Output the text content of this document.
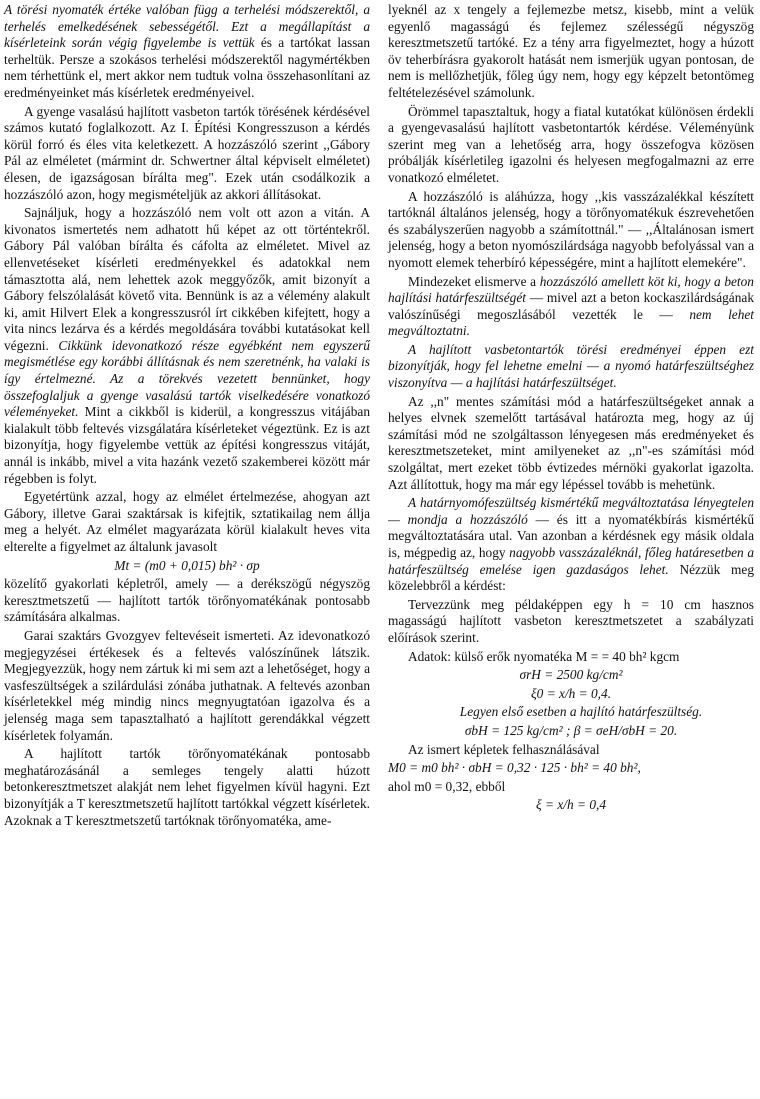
A törési nyomaték értéke valóban függ a terhelési módszerektől, a terhelés emelkedésének sebességétől. Ezt a megállapítást a kísérleteink során végig figyelembe is vettük és a tartókat lassan terheltük. Persze a szokásos terhelési módszerektől nagymértékben nem térhettünk el, mert akkor nem tudtuk volna összehasonlítani az eredményeinket más kísérletek eredményeivel.

A gyenge vasalású hajlított vasbeton tartók törésének kérdésével számos kutató foglalkozott. Az I. Építési Kongresszuson a kérdés körül forró és éles vita keletkezett. A hozzászóló szerint ,,Gábory Pál az elméletet (mármint dr. Schwertner által képviselt elméletet) élesen, de igazságosan bírálta meg". Ezek után csodálkozik a hozzászóló azon, hogy megismételjük az akkori állításokat.

Sajnáljuk, hogy a hozzászóló nem volt ott azon a vitán. A kivonatos ismertetés nem adhatott hű képet az ott történtekről. Gábory Pál valóban bírálta és cáfolta az elméletet. Mivel az ellenvetéseket kísérleti eredményekkel és adatokkal nem támasztotta alá, nem lehettek azok meggyőzők, amit bizonyít a Gábory felszólalását követő vita. Bennünk is az a vélemény alakult ki, amit Hilvert Elek a kongresszusról írt cikkében kifejtett, hogy a vita nincs lezárva és a kérdés megoldására további kutatásokat kell végezni. Cikkünk idevonatkozó része egyébként nem egyszerű megismétlése egy korábbi állításnak és nem szeretnénk, ha valaki is így értelmezné. Az a törekvés vezetett bennünket, hogy összefoglaljuk a gyenge vasalású tartók viselkedésére vonatkozó véleményeket. Mint a cikkből is kiderül, a kongresszus vitájában kialakult több feltevés vizsgálatára kísérleteket végeztünk. Ez is azt bizonyítja, hogy figyelembe vettük az építési kongresszus vitáját, annál is inkább, mivel a vita hazánk vezető szakemberei között már régebben is folyt.

Egyetértünk azzal, hogy az elmélet értelmezése, ahogyan azt Gábory, illetve Garai szaktársak is kifejtik, sztatikailag nem állja meg a helyét. Az elmélet magyarázata körül kialakult heves vita elterelte a figyelmet az általunk javasolt

Mt = (m0 + 0,015) bh² · σp

közelítő gyakorlati képletről, amely — a derékszögű négyszög keresztmetszetű — hajlított tartók törőnyomatékának pontosabb számítására alkalmas.

Garai szaktárs Gvozgyev feltevéseit ismerteti. Az idevonatkozó megjegyzései értékesek és a feltevés valószínűnek látszik. Megjegyezzük, hogy nem zártuk ki mi sem azt a lehetőséget, hogy a vasfeszültségek a szilárdulási zónába juthatnak. A feltevés azonban kísérletekkel még mindig nincs megnyugtatóan igazolva és a jelenség maga sem tapasztalható a hajlított gerendákkal végzett kísérletek folyamán.

A hajlított tartók törőnyomatékának pontosabb meghatározásánál a semleges tengely alatti húzott betonkeresztmetszet alakját nem lehet figyelmen kívül hagyni. Ezt bizonyítják a T keresztmetszetű hajlított tartókkal végzett kísérletek. Azoknak a T keresztmetszetű tartóknak törőnyomatéka, ame-

lyeknél az x tengely a fejlemezbe metsz, kisebb, mint a velük egyenlő magasságú és fejlemez szélességű négyszög keresztmetszetű tartóké. Ez a tény arra figyelmeztet, hogy a húzott öv teherbírásra gyakorolt hatását nem ismerjük ugyan pontosan, de nem is mellőzhetjük, főleg úgy nem, hogy egy képzelt betontömeg feltételezésével számolunk.

Örömmel tapasztaltuk, hogy a fiatal kutatókat különösen érdekli a gyengevasalású hajlított vasbetontartók kérdése. Véleményünk szerint meg van a lehetőség arra, hogy összefogva közösen próbálják kísérletileg igazolni és helyesen megfogalmazni az erre vonatkozó elméletet.

A hozzászóló is aláhúzza, hogy ,,kis vasszázalékkal készített tartóknál általános jelenség, hogy a törőnyomatékuk észrevehetően és szabályszerűen nagyobb a számítottnál." — ,,Általánosan ismert jelenség, hogy a beton nyomószilárdsága nagyobb befolyással van a nyomott elemek teherbíró képességére, mint a hajlított elemekére".

Mindezeket elismerve a hozzászóló amellett köt ki, hogy a beton hajlítási határfeszültségét — mivel azt a beton kockaszilárdságának valószínűségi megoszlásából vezették le — nem lehet megváltoztatni.

A hajlított vasbetontartók törési eredményei éppen ezt bizonyítják, hogy fel lehetne emelni — a nyomó határfeszültséghez viszonyítva — a hajlítási határfeszültséget.

Az ,,n" mentes számítási mód a határfeszültségeket annak a helyes elvnek szemelőtt tartásával határozta meg, hogy az új számítási mód ne szolgáltasson lényegesen más eredményeket és keresztmetszeteket, mint amilyeneket az ,,n"-es számítási mód szolgáltat, mert ezeket több évtizedes mérnöki gyakorlat igazolta. Azt állítottuk, hogy ma már egy lépéssel tovább is mehetünk.

A határnyomófeszültség kismértékű megváltoztatása lényegtelen — mondja a hozzászóló — és itt a nyomatékbírás kismértékű megváltoztatására utal. Van azonban a kérdésnek egy másik oldala is, mégpedig az, hogy nagyobb vasszázaléknál, főleg határesetben a határfeszültség emelése igen gazdaságos lehet. Nézzük meg közelebbről a kérdést:

Tervezzünk meg példaképpen egy h = 10 cm hasznos magasságú hajlított vasbeton keresztmetszetet a szabályzati előírások szerint.

Adatok: külső erők nyomatéka M = = 40 bh² kgcm

σrH = 2500 kg/cm²

ξ0 = x/h = 0,4.

Legyen első esetben a hajlító határfeszültség.

σbH = 125 kg/cm² ; β = σeH/σbH = 20.

Az ismert képletek felhasználásával

M0 = m0 bh² · σbH = 0,32 · 125 · bh² = 40 bh²,

ahol m0 = 0,32, ebből

ξ = x/h = 0,4
